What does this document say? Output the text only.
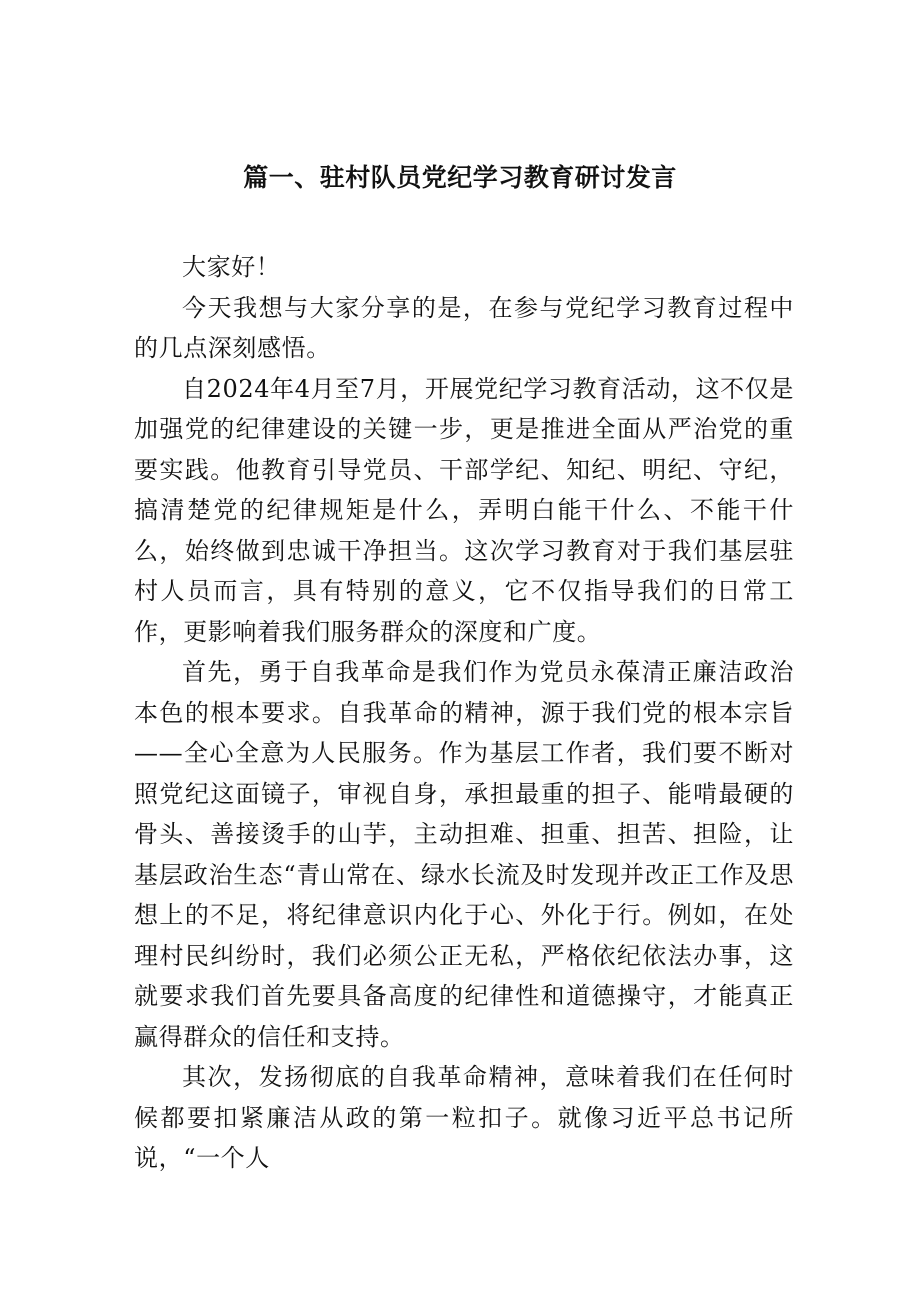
篇一、驻村队员党纪学习教育研讨发言

大家好！

今天我想与大家分享的是，在参与党纪学习教育过程中的几点深刻感悟。

自2024年4月至7月，开展党纪学习教育活动，这不仅是加强党的纪律建设的关键一步，更是推进全面从严治党的重要实践。他教育引导党员、干部学纪、知纪、明纪、守纪，搞清楚党的纪律规矩是什么，弄明白能干什么、不能干什么，始终做到忠诚干净担当。这次学习教育对于我们基层驻村人员而言，具有特别的意义，它不仅指导我们的日常工作，更影响着我们服务群众的深度和广度。

首先，勇于自我革命是我们作为党员永葆清正廉洁政治本色的根本要求。自我革命的精神，源于我们党的根本宗旨——全心全意为人民服务。作为基层工作者，我们要不断对照党纪这面镜子，审视自身，承担最重的担子、能啃最硬的骨头、善接烫手的山芋，主动担难、担重、担苦、担险，让基层政治生态“青山常在、绿水长流及时发现并改正工作及思想上的不足，将纪律意识内化于心、外化于行。例如，在处理村民纠纷时，我们必须公正无私，严格依纪依法办事，这就要求我们首先要具备高度的纪律性和道德操守，才能真正赢得群众的信任和支持。

其次，发扬彻底的自我革命精神，意味着我们在任何时候都要扣紧廉洁从政的第一粒扣子。就像习近平总书记所说，“一个人
